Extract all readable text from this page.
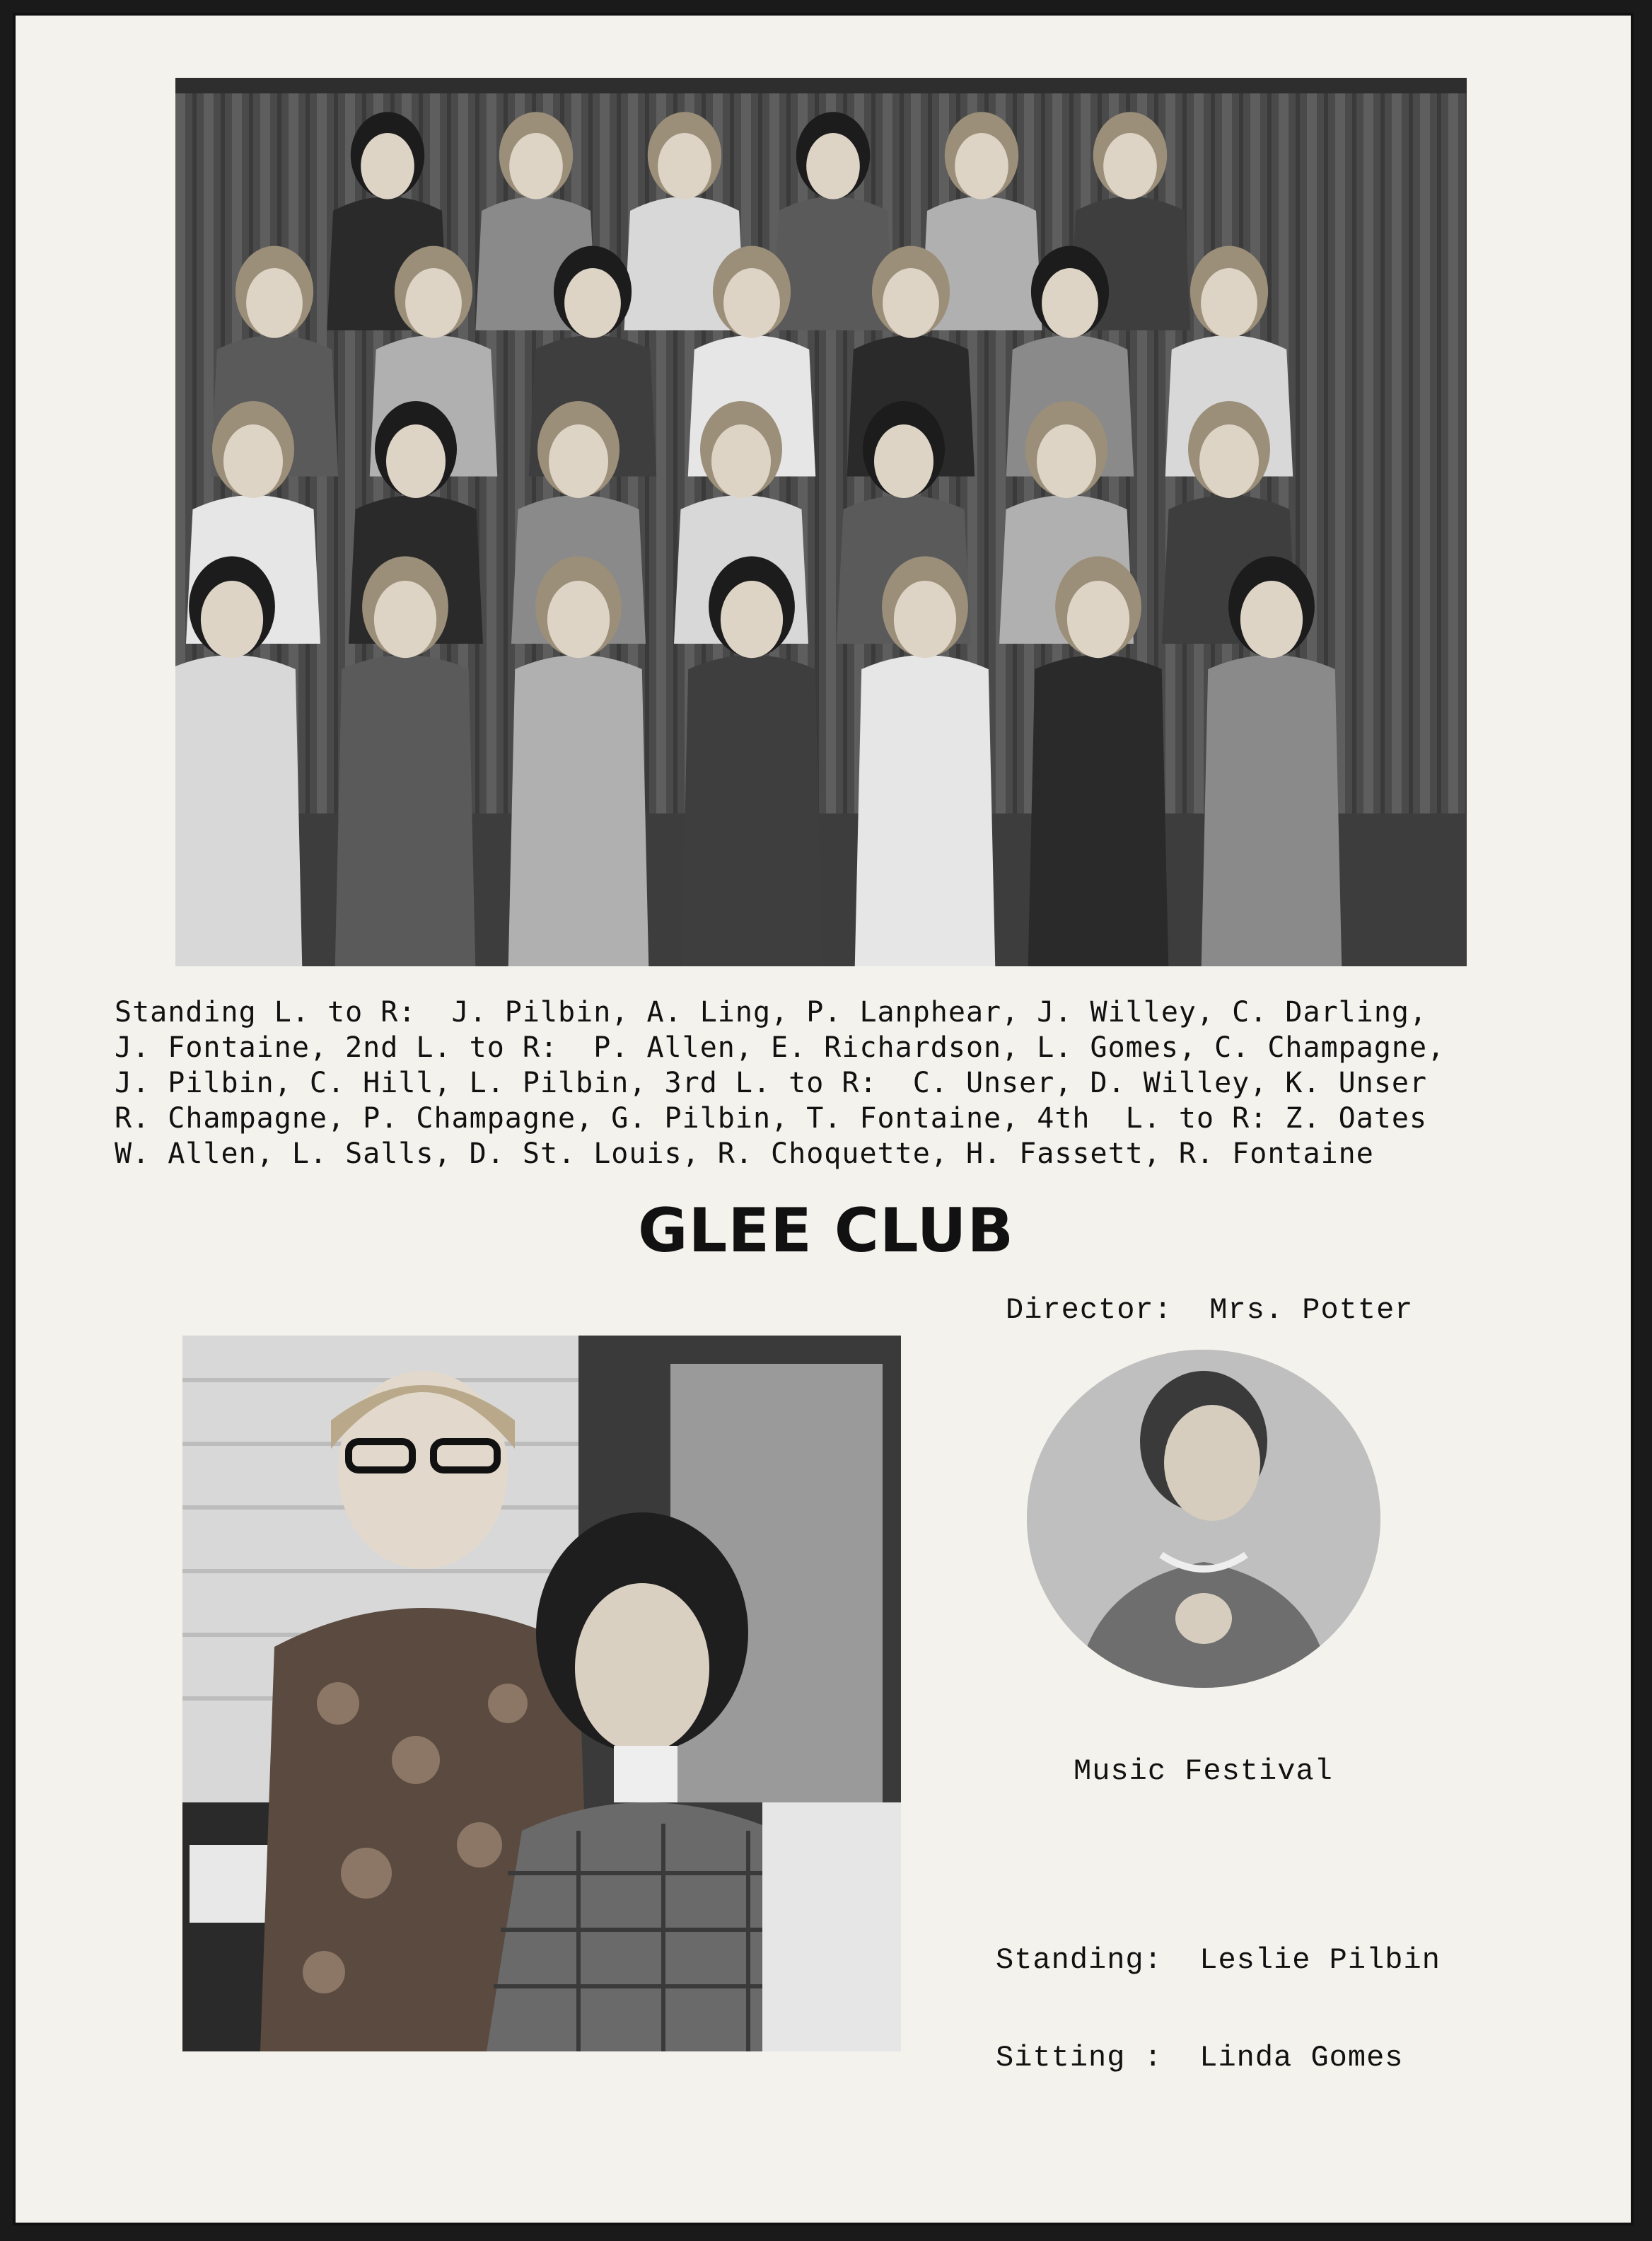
Standing L. to R:  J. Pilbin, A. Ling, P. Lanphear, J. Willey, C. Darling,
J. Fontaine, 2nd L. to R:  P. Allen, E. Richardson, L. Gomes, C. Champagne,
J. Pilbin, C. Hill, L. Pilbin, 3rd L. to R:  C. Unser, D. Willey, K. Unser
R. Champagne, P. Champagne, G. Pilbin, T. Fontaine, 4th  L. to R: Z. Oates
W. Allen, L. Salls, D. St. Louis, R. Choquette, H. Fassett, R. Fontaine
GLEE CLUB
Director:  Mrs. Potter
Music Festival

Standing:  Leslie Pilbin

Sitting :  Linda Gomes
